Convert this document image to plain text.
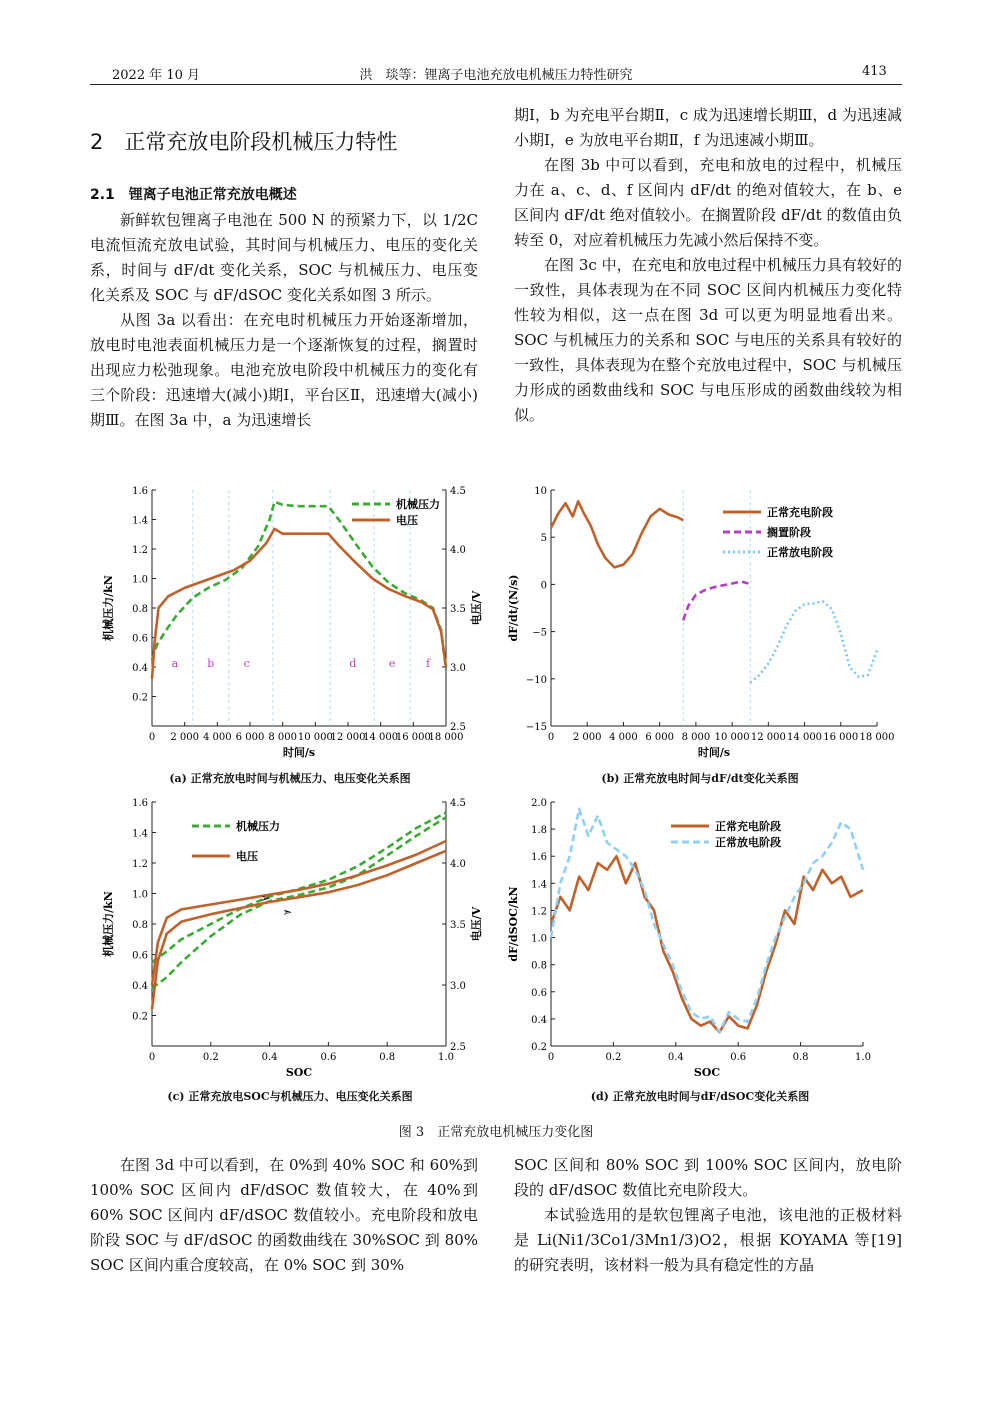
2022 年 10 月	洪　琰等：锂离子电池充放电机械压力特性研究	413

2　正常充放电阶段机械压力特性

2.1　锂离子电池正常充放电概述

新鲜软包锂离子电池在 500 N 的预紧力下，以 1/2C 电流恒流充放电试验，其时间与机械压力、电压的变化关系，时间与 dF/dt 变化关系，SOC 与机械压力、电压变化关系及 SOC 与 dF/dSOC 变化关系如图 3 所示。

从图 3a 以看出：在充电时机械压力开始逐渐增加，放电时电池表面机械压力是一个逐渐恢复的过程，搁置时出现应力松弛现象。电池充放电阶段中机械压力的变化有三个阶段：迅速增大(减小)期Ⅰ，平台区Ⅱ，迅速增大(减小)期Ⅲ。在图 3a 中，a 为迅速增长

期Ⅰ，b 为充电平台期Ⅱ，c 成为迅速增长期Ⅲ，d 为迅速减小期Ⅰ，e 为放电平台期Ⅱ，f 为迅速减小期Ⅲ。

在图 3b 中可以看到，充电和放电的过程中，机械压力在 a、c、d、f 区间内 dF/dt 的绝对值较大，在 b、e 区间内 dF/dt 绝对值较小。在搁置阶段 dF/dt 的数值由负转至 0，对应着机械压力先减小然后保持不变。

在图 3c 中，在充电和放电过程中机械压力具有较好的一致性，具体表现为在不同 SOC 区间内机械压力变化特性较为相似，这一点在图 3d 可以更为明显地看出来。SOC 与机械压力的关系和 SOC 与电压的关系具有较好的一致性，具体表现为在整个充放电过程中，SOC 与机械压力形成的函数曲线和 SOC 与电压形成的函数曲线较为相似。

0 2 000 4 000 6 000 8 000 10 000
12 000
14 000
16 000
18 000
0.2
0.4
0.6
0.8
1.0
1.2
1.4
1.6
2.5
3.0
3.5
4.0
4.5
时间/s
机械压力/kN	电压/V
a	b	c	d	e	f
机械压力
电压
(a) 正常充放电时间与机械压力、电压变化关系图
0 2 000 4 000 6 000 8 000 10 000 12 000 14 000 16 000 18 000
−15
−10
−5
0
5
10
时间/s
dF/dt/(N/s)
正常充电阶段
搁置阶段
正常放电阶段
(b) 正常充放电时间与dF/dt变化关系图
0	0.2	0.4	0.6	0.8	1.0
0.2
0.4
0.6
0.8
1.0
1.2
1.4
1.6
2.5
3.0
3.5
4.0
4.5
SOC
机械压力/kN	电压/V
机械压力
电压
➢
➣
(c) 正常充放电SOC与机械压力、电压变化关系图
0	0.2	0.4	0.6	0.8	1.0
0.2
0.4
0.6
0.8
1.0
1.2
1.4
1.6
1.8
2.0
SOC
dF/dSOC/kN
正常充电阶段
正常放电阶段
(d) 正常充放电时间与dF/dSOC变化关系图
图 3　正常充放电机械压力变化图

在图 3d 中可以看到，在 0%到 40% SOC 和 60%到 100% SOC 区间内 dF/dSOC 数值较大，在 40%到 60% SOC 区间内 dF/dSOC 数值较小。充电阶段和放电阶段 SOC 与 dF/dSOC 的函数曲线在 30%SOC 到 80% SOC 区间内重合度较高，在 0% SOC 到 30%

SOC 区间和 80% SOC 到 100% SOC 区间内，放电阶段的 dF/dSOC 数值比充电阶段大。

本试验选用的是软包锂离子电池，该电池的正极材料是 Li(Ni1/3Co1/3Mn1/3)O2，根据 KOYAMA 等[19]的研究表明，该材料一般为具有稳定性的方晶
